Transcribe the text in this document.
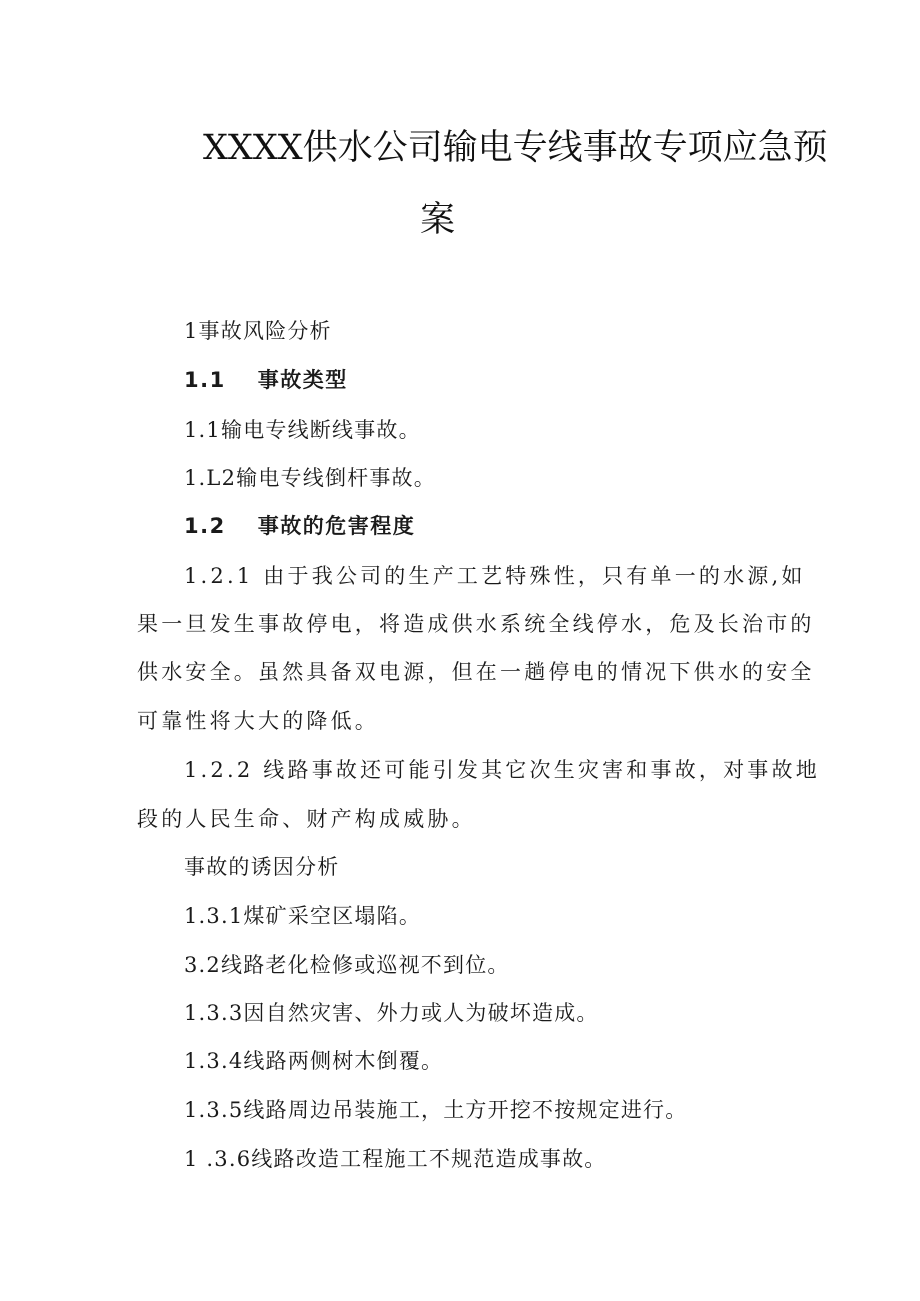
XXXX供水公司输电专线事故专项应急预
案
1事故风险分析
1.1 事故类型
1.1输电专线断线事故。
1.L2输电专线倒杆事故。
1.2 事故的危害程度
1.2.1 由于我公司的生产工艺特殊性，只有单一的水源,如
果一旦发生事故停电，将造成供水系统全线停水，危及长治市的
供水安全。虽然具备双电源，但在一趟停电的情况下供水的安全
可靠性将大大的降低。
1.2.2 线路事故还可能引发其它次生灾害和事故，对事故地
段的人民生命、财产构成威胁。
事故的诱因分析
1.3.1煤矿采空区塌陷。
3.2线路老化检修或巡视不到位。
1.3.3因自然灾害、外力或人为破坏造成。
1.3.4线路两侧树木倒覆。
1.3.5线路周边吊装施工，土方开挖不按规定进行。
1 .3.6线路改造工程施工不规范造成事故。
